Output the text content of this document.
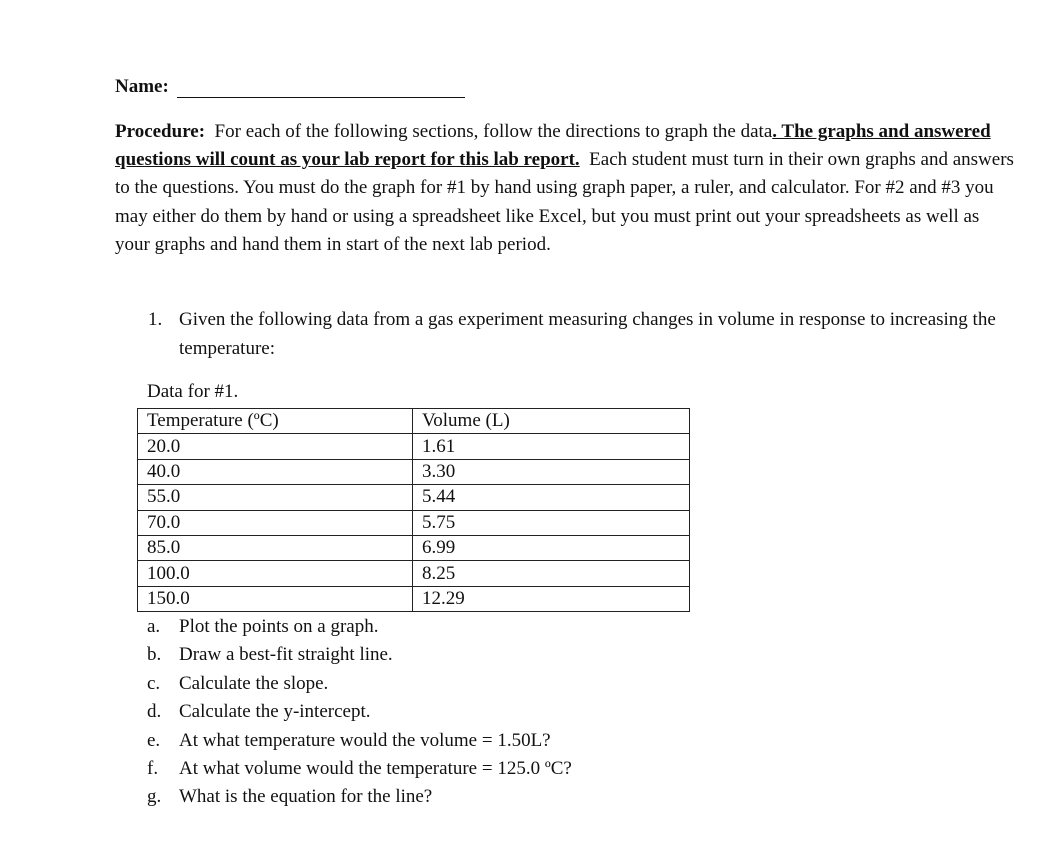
Name:
Procedure: For each of the following sections, follow the directions to graph the data. The graphs and answered questions will count as your lab report for this lab report. Each student must turn in their own graphs and answers to the questions. You must do the graph for #1 by hand using graph paper, a ruler, and calculator. For #2 and #3 you may either do them by hand or using a spreadsheet like Excel, but you must print out your spreadsheets as well as your graphs and hand them in start of the next lab period.
1. Given the following data from a gas experiment measuring changes in volume in response to increasing the temperature:
Data for #1.
Temperature (ºC)	Volume (L)
20.0	1.61
40.0	3.30
55.0	5.44
70.0	5.75
85.0	6.99
100.0	8.25
150.0	12.29
a. Plot the points on a graph.
b. Draw a best-fit straight line.
c. Calculate the slope.
d. Calculate the y-intercept.
e. At what temperature would the volume = 1.50L?
f.	At what volume would the temperature = 125.0 ºC?
g. What is the equation for the line?
